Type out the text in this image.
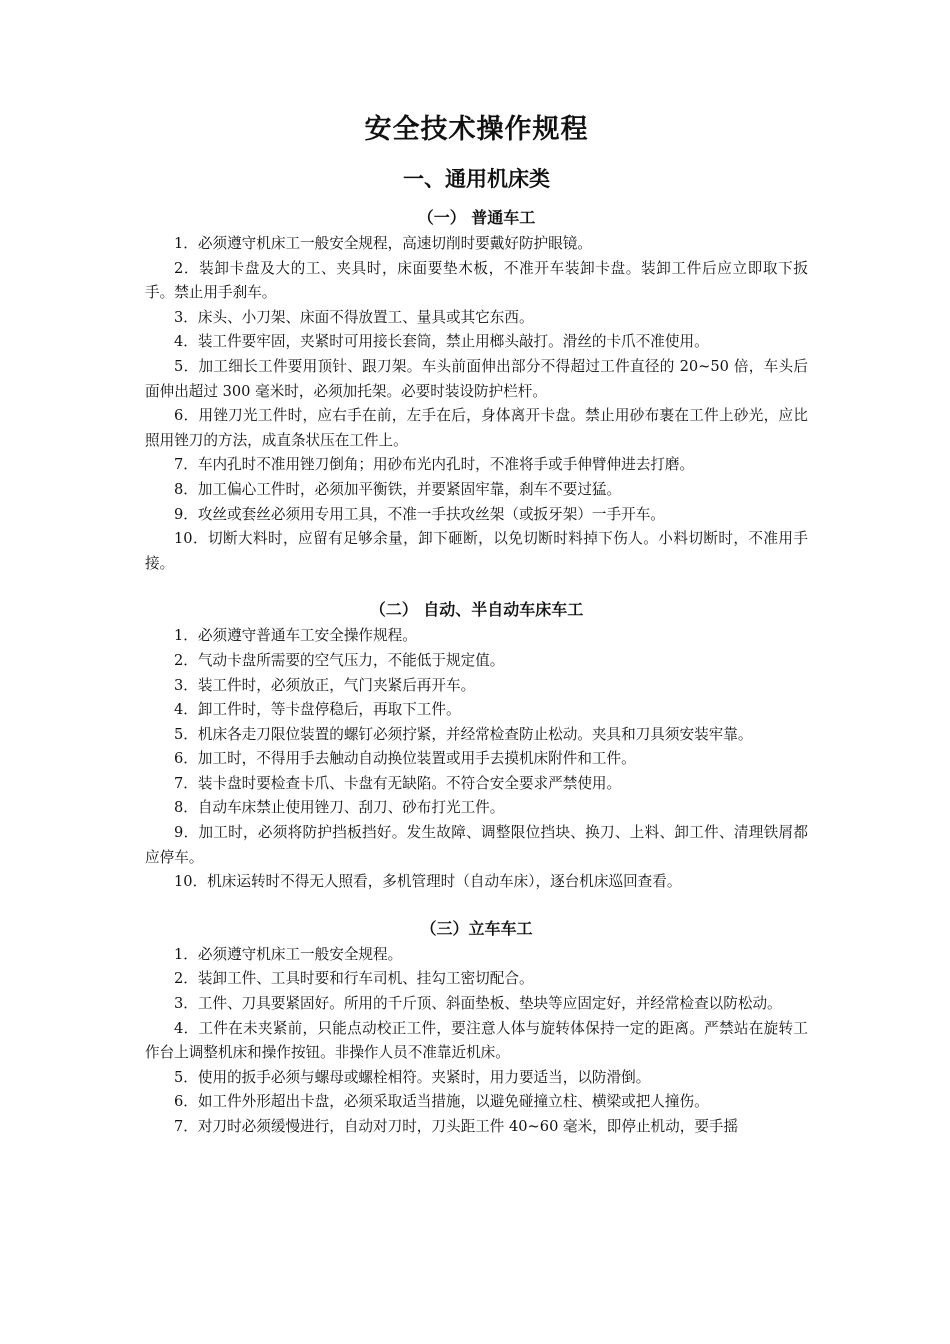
安全技术操作规程
一、通用机床类
（一） 普通车工
1．必须遵守机床工一般安全规程，高速切削时要戴好防护眼镜。
2．装卸卡盘及大的工、夹具时，床面要垫木板，不准开车装卸卡盘。装卸工件后应立即取下扳手。禁止用手刹车。
3．床头、小刀架、床面不得放置工、量具或其它东西。
4．装工件要牢固，夹紧时可用接长套筒，禁止用榔头敲打。滑丝的卡爪不准使用。
5．加工细长工件要用顶针、跟刀架。车头前面伸出部分不得超过工件直径的 20~50 倍，车头后面伸出超过 300 毫米时，必须加托架。必要时装设防护栏杆。
6．用锉刀光工件时，应右手在前，左手在后，身体离开卡盘。禁止用砂布裹在工件上砂光，应比照用锉刀的方法，成直条状压在工件上。
7．车内孔时不准用锉刀倒角；用砂布光内孔时，不准将手或手伸臂伸进去打磨。
8．加工偏心工件时，必须加平衡铁，并要紧固牢靠，刹车不要过猛。
9．攻丝或套丝必须用专用工具，不准一手扶攻丝架（或扳牙架）一手开车。
10．切断大料时，应留有足够余量，卸下砸断，以免切断时料掉下伤人。小料切断时，不准用手接。
（二） 自动、半自动车床车工
1．必须遵守普通车工安全操作规程。
2．气动卡盘所需要的空气压力，不能低于规定值。
3．装工件时，必须放正，气门夹紧后再开车。
4．卸工件时，等卡盘停稳后，再取下工件。
5．机床各走刀限位装置的螺钉必须拧紧，并经常检查防止松动。夹具和刀具须安装牢靠。
6．加工时，不得用手去触动自动换位装置或用手去摸机床附件和工件。
7．装卡盘时要检查卡爪、卡盘有无缺陷。不符合安全要求严禁使用。
8．自动车床禁止使用锉刀、刮刀、砂布打光工件。
9．加工时，必须将防护挡板挡好。发生故障、调整限位挡块、换刀、上料、卸工件、清理铁屑都应停车。
10．机床运转时不得无人照看，多机管理时（自动车床），逐台机床巡回查看。
（三）立车车工
1．必须遵守机床工一般安全规程。
2．装卸工件、工具时要和行车司机、挂勾工密切配合。
3．工件、刀具要紧固好。所用的千斤顶、斜面垫板、垫块等应固定好，并经常检查以防松动。
4．工件在未夹紧前，只能点动校正工件，要注意人体与旋转体保持一定的距离。严禁站在旋转工作台上调整机床和操作按钮。非操作人员不准靠近机床。
5．使用的扳手必须与螺母或螺栓相符。夹紧时，用力要适当，以防滑倒。
6．如工件外形超出卡盘，必须采取适当措施，以避免碰撞立柱、横梁或把人撞伤。
7．对刀时必须缓慢进行，自动对刀时，刀头距工件 40~60 毫米，即停止机动，要手摇
